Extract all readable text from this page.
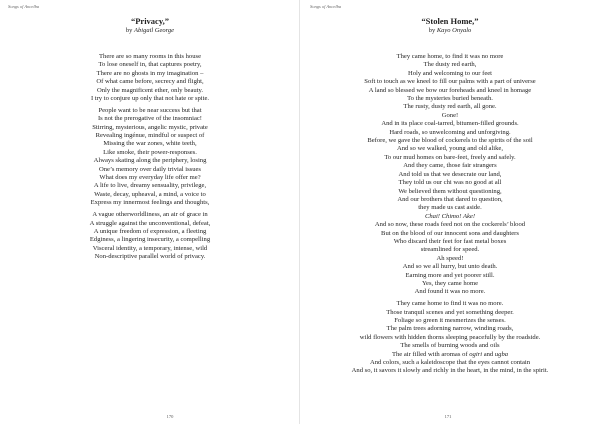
Songs of Ancelba
“Privacy,”
by Abigail George
There are so many rooms in this house
To lose oneself in, that captures poetry,
There are no ghosts in my imagination –
Of what came before, secrecy and flight,
Only the magnificent ether, only beauty.
I try to conjure up only that not hate or spite.
People want to be near success but that
Is not the prerogative of the insomniac!
Stirring, mysterious, angelic mystic, private
Revealing ingénue, mindful or suspect of
Missing the war zones, white teeth,
Like smoke, their power-responses.
Always skating along the periphery, losing
One’s memory over daily trivial issues
What does my everyday life offer me?
A life to live, dreamy sensuality, privilege,
Waste, decay, upheaval, a mind, a voice to
Express my innermost feelings and thoughts,
A vague otherworldliness, an air of grace in
A struggle against the unconventional, defeat,
A unique freedom of expression, a fleeting
Edginess, a lingering insecurity, a compelling
Visceral identity, a temporary, intense, wild
Non-descriptive parallel world of privacy.
170
Songs of Ancelba
“Stolen Home,”
by Kayo Onyalo
They came home, to find it was no more
The dusty red earth,
Holy and welcoming to our feet
Soft to touch as we kneel to fill our palms with a part of universe
A land so blessed we bow our foreheads and kneel in homage
To the mysteries buried beneath.
The rusty, dusty red earth, all gone.
Gone!
And in its place coal-tarred, bitumen-filled grounds.
Hard roads, so unwelcoming and unforgiving.
Before, we gave the blood of cockerels to the spirits of the soil
And so we walked, young and old alike,
To our mud homes on bare-feet, freely and safely.
And they came, those fair strangers
And told us that we desecrate our land,
They told us our chi was no good at all
We believed them without questioning,
And our brothers that dared to question,
they made us cast aside.
Chai! Chimo! Ake!
And so now, these roads feed not on the cockerels’ blood
But on the blood of our innocent sons and daughters
Who discard their feet for fast metal boxes
streamlined for speed.
Ah speed!
And so we all hurry, but unto death.
Earning more and yet poorer still.
Yes, they came home
And found it was no more.
They came home to find it was no more.
Those tranquil scenes and yet something deeper.
Foliage so green it mesmerizes the senses.
The palm trees adorning narrow, winding roads,
wild flowers with hidden thorns sleeping peacefully by the roadside.
The smells of burning woods and oils
The air filled with aromas of ogiri and ugba
And colors, such a kaleidoscope that the eyes cannot contain
And so, it savors it slowly and richly in the heart, in the mind, in the spirit.
171
